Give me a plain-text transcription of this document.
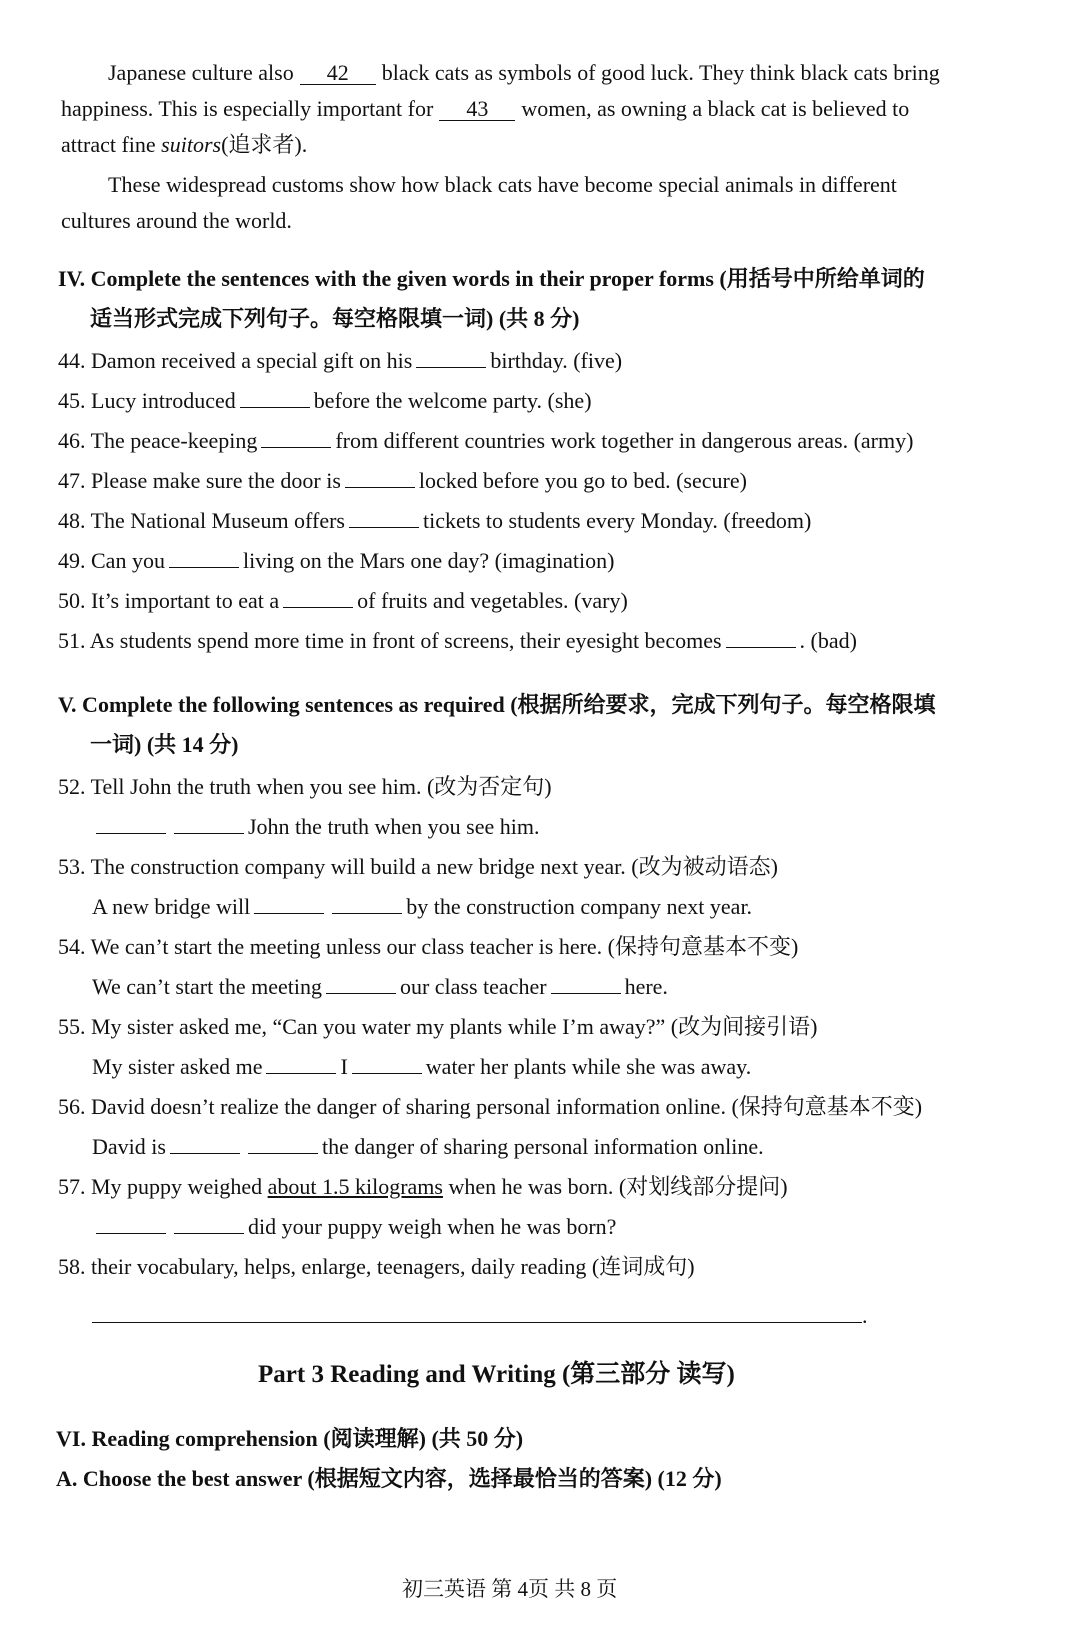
Japanese culture also 42 black cats as symbols of good luck. They think black cats bring
happiness. This is especially important for 43 women, as owning a black cat is believed to
attract fine suitors(追求者).
These widespread customs show how black cats have become special animals in different
cultures around the world.
IV. Complete the sentences with the given words in their proper forms (用括号中所给单词的
适当形式完成下列句子。每空格限填一词) (共 8 分)
44. Damon received a special gift on his	birthday. (five)
45. Lucy introduced	before the welcome party. (she)
46. The peace-keeping	from different countries work together in dangerous areas. (army)
47. Please make sure the door is	locked before you go to bed. (secure)
48. The National Museum offers	tickets to students every Monday. (freedom)
49. Can you	living on the Mars one day? (imagination)
50. It’s important to eat a	of fruits and vegetables. (vary)
51. As students spend more time in front of screens, their eyesight becomes	. (bad)
V. Complete the following sentences as required (根据所给要求，完成下列句子。每空格限填
一词) (共 14 分)
52. Tell John the truth when you see him. (改为否定句)
John the truth when you see him.
53. The construction company will build a new bridge next year. (改为被动语态)
A new bridge will	by the construction company next year.
54. We can’t start the meeting unless our class teacher is here. (保持句意基本不变)
We can’t start the meeting	our class teacher	here.
55. My sister asked me, “Can you water my plants while I’m away?” (改为间接引语)
My sister asked me	I	water her plants while she was away.
56. David doesn’t realize the danger of sharing personal information online. (保持句意基本不变)
David is	the danger of sharing personal information online.
57. My puppy weighed about 1.5 kilograms when he was born. (对划线部分提问)
did your puppy weigh when he was born?
58. their vocabulary, helps, enlarge, teenagers, daily reading (连词成句)
.
Part 3 Reading and Writing (第三部分 读写)
VI. Reading comprehension (阅读理解) (共 50 分)
A. Choose the best answer (根据短文内容，选择最恰当的答案) (12 分)
初三英语 第 4页 共 8 页
